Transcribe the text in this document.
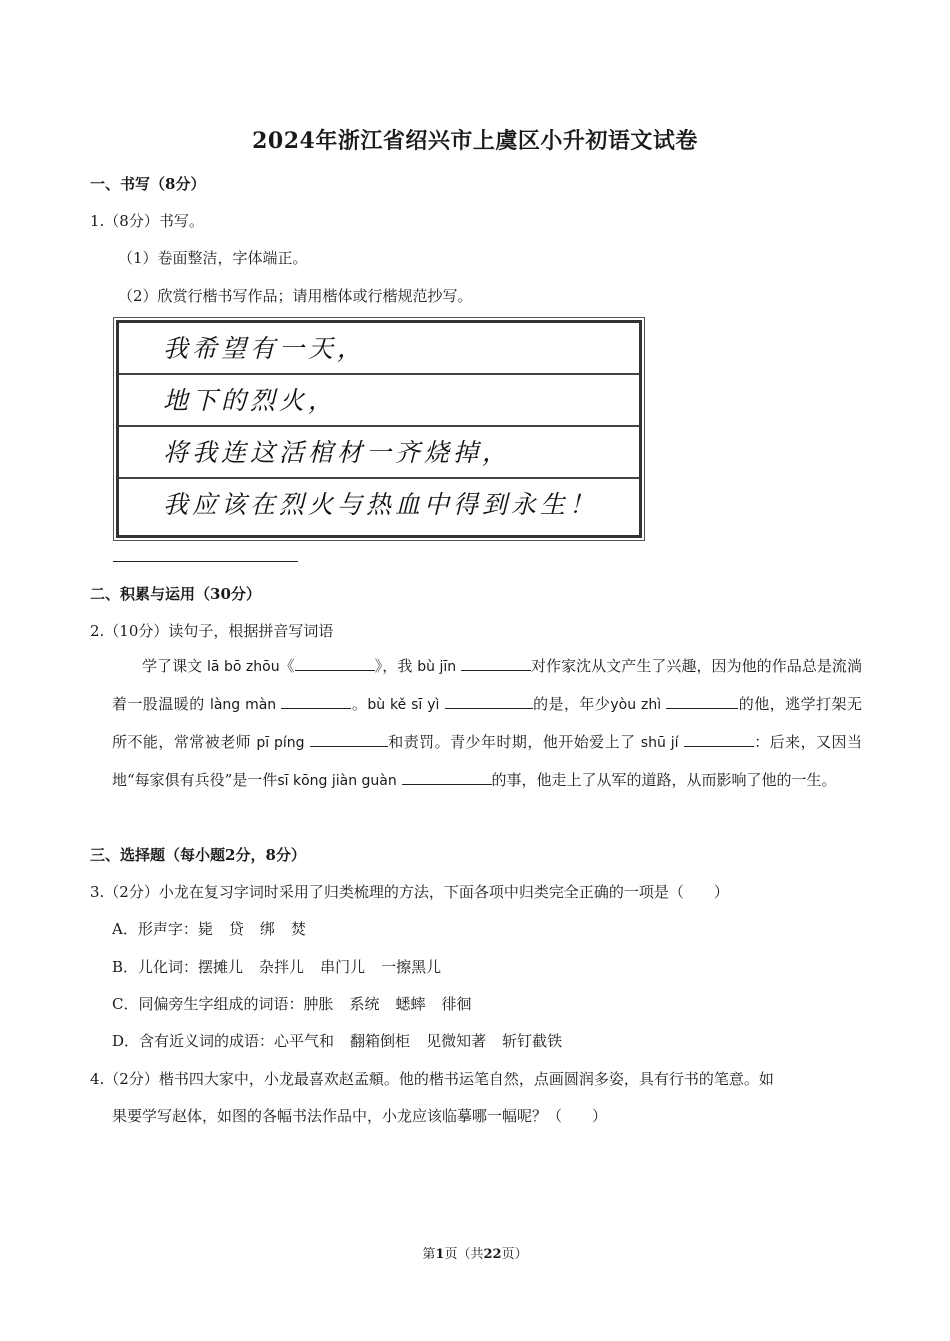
2024年浙江省绍兴市上虞区小升初语文试卷
一、书写（8分）
1.（8分）书写。
（1）卷面整洁，字体端正。
（2）欣赏行楷书写作品；请用楷体或行楷规范抄写。
我希望有一天，
地下的烈火，
将我连这活棺材一齐烧掉，
我应该在烈火与热血中得到永生！
二、积累与运用（30分）
2.（10分）读句子，根据拼音写词语
学了课文 lā bō zhōu《	》，我 bù jīn	对作家沈从文产生了兴趣，因为他的作品总是流淌着一股温暖的 làng màn	。bù kě sī yì	的是，年少yòu zhì	的他，逃学打架无所不能，常常被老师 pī píng	和责罚。青少年时期，他开始爱上了 shū jí	：后来，又因当地“每家俱有兵役”是一件sī kōng jiàn guàn	的事，他走上了从军的道路，从而影响了他的一生。
三、选择题（每小题2分，8分）
3.（2分）小龙在复习字词时采用了归类梳理的方法，下面各项中归类完全正确的一项是（　　）
A．形声字：毙 贷 绑 焚
B．儿化词：摆摊儿 杂拌儿 串门儿 一擦黑儿
C．同偏旁生字组成的词语：肿胀 系统 蟋蟀 徘徊
D．含有近义词的成语：心平气和 翻箱倒柜 见微知著 斩钉截铁
4.（2分）楷书四大家中，小龙最喜欢赵孟頫。他的楷书运笔自然，点画圆润多姿，具有行书的笔意。如
果要学写赵体，如图的各幅书法作品中，小龙应该临摹哪一幅呢？（　　）
第1页（共22页）
